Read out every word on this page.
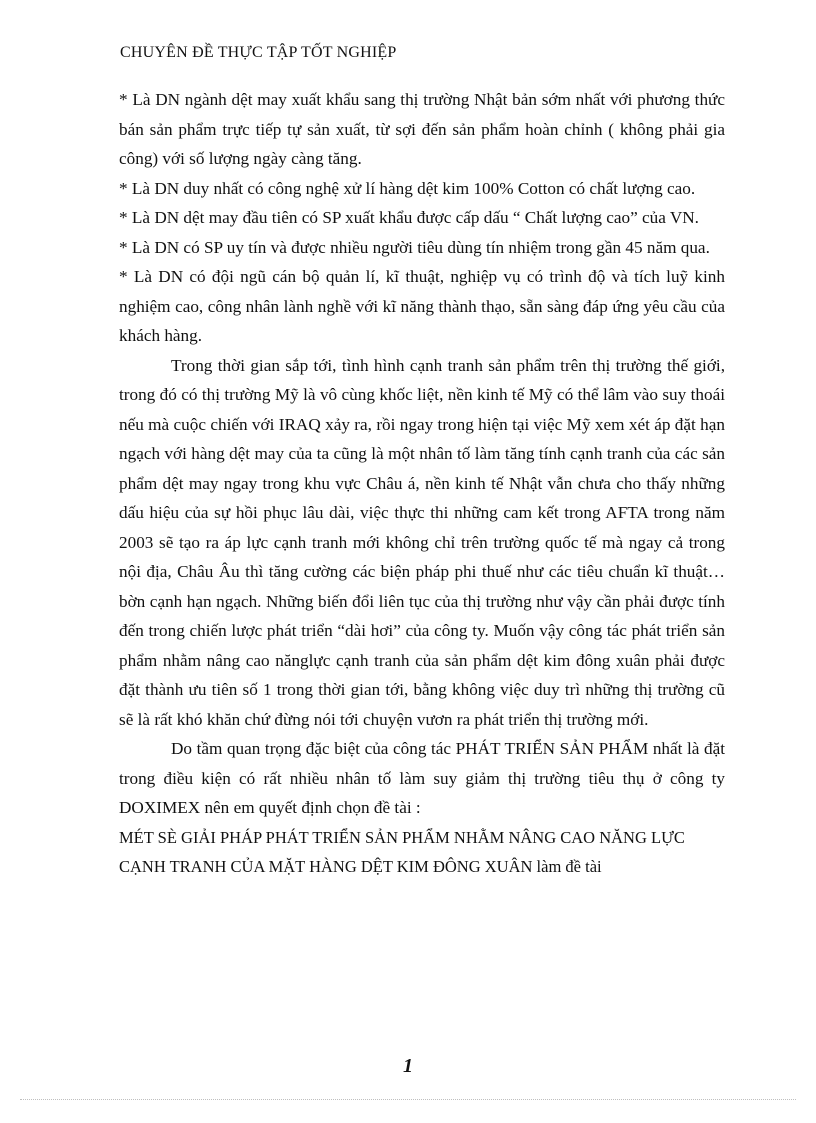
CHUYÊN ĐỀ THỰC TẬP TỐT NGHIỆP

* Là DN ngành dệt may xuất khẩu sang thị trường Nhật bản sớm nhất với phương thức bán sản phẩm trực tiếp tự sản xuất, từ sợi đến sản phẩm hoàn chỉnh ( không phải gia công) với số lượng ngày càng tăng.

* Là DN duy nhất có công nghệ xử lí hàng dệt kim 100% Cotton có chất lượng cao.

* Là DN dệt may đầu tiên có SP xuất khẩu được cấp dấu “ Chất lượng cao” của VN.

* Là DN có SP uy tín và được nhiều người tiêu dùng tín nhiệm trong gần 45 năm qua.

* Là DN có đội ngũ cán bộ quản lí, kĩ thuật, nghiệp vụ có trình độ và tích luỹ kinh nghiệm cao, công nhân lành nghề với kĩ năng thành thạo, sẵn sàng đáp ứng yêu cầu của khách hàng.

Trong thời gian sắp tới, tình hình cạnh tranh sản phẩm trên thị trường thế giới, trong đó có thị trường Mỹ là vô cùng khốc liệt, nền kinh tế Mỹ có thể lâm vào suy thoái nếu mà cuộc chiến với IRAQ xảy ra, rồi ngay trong hiện tại việc Mỹ xem xét áp đặt hạn ngạch với hàng dệt may của ta cũng là một nhân tố làm tăng tính cạnh tranh của các sản phẩm dệt may ngay trong khu vực Châu á, nền kinh tế Nhật vẫn chưa cho thấy những dấu hiệu của sự hồi phục lâu dài, việc thực thi những cam kết trong AFTA trong năm 2003 sẽ tạo ra áp lực cạnh tranh mới không chỉ trên trường quốc tế mà ngay cả trong nội địa, Châu Âu thì tăng cường các biện pháp phi thuế như các tiêu chuẩn kĩ thuật…bờn cạnh hạn ngạch. Những biến đổi liên tục của thị trường như vậy cần phải được tính đến trong chiến lược phát triển “dài hơi” của công ty. Muốn vậy công tác phát triển sản phẩm nhằm nâng cao nănglực cạnh tranh của sản phẩm dệt kim đông xuân phải được đặt thành ưu tiên số 1 trong thời gian tới, bằng không việc duy trì những thị trường cũ sẽ là rất khó khăn chứ đừng nói tới chuyện vươn ra phát triển thị trường mới.

Do tầm quan trọng đặc biệt của công tác PHÁT TRIỂN SẢN PHẨM nhất là đặt trong điều kiện có rất nhiều nhân tố làm suy giảm thị trường tiêu thụ ở công ty DOXIMEX nên em quyết định chọn đề tài :

MÉT SÈ GIẢI PHÁP PHÁT TRIỂN SẢN PHẨM NHẰM NÂNG CAO NĂNG LỰC CẠNH TRANH CỦA MẶT HÀNG DỆT KIM ĐÔNG XUÂN làm đề tài

1
